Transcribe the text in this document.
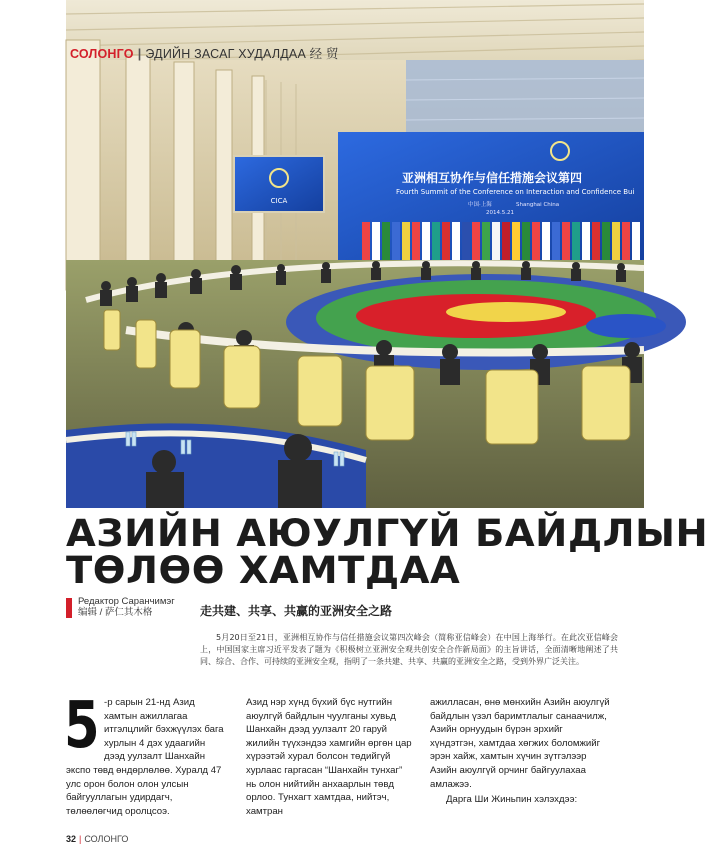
CICA
亚洲相互协作与信任措施会议第四
Fourth Summit of the Conference on Interaction and Confidence Bui
中国·上海	Shanghai China
2014.5.21
СОЛОНГО | ЭДИЙН ЗАСАГ ХУДАЛДАА 经 贸
АЗИЙН АЮУЛГҮЙ БАЙДЛЫН
ТӨЛӨӨ ХАМТДАА
Редактор Саранчимэг
编辑 / 萨仁其木格	走共建、共享、共赢的亚洲安全之路
5月20日至21日，亚洲相互协作与信任措施会议第四次峰会（简称亚信峰会）在中国上海举行。在此次亚信峰会上，中国国家主席习近平发表了题为《积极树立亚洲安全观共创安全合作新局面》的主旨讲话，全面清晰地阐述了共同、综合、合作、可持续的亚洲安全观，指明了一条共建、共享、共赢的亚洲安全之路，受到外界广泛关注。
5 -р сарын 21-нд Азид хамтын ажиллагаа итгэлцлийг бэхжүүлэх бага хурлын 4 дэх удаагийн дээд уулзалт Шанхайн экспо төвд өндөрлөлөө. Хуралд 47 улс орон болон олон улсын байгууллагын удирдагч, төлөөлөгчид оролцсоэ.

Азид нэр хүнд бүхий бүс нутгийн аюулгүй байдлын чуулганы хувьд Шанхайн дээд уулзалт 20 гаруй жилийн түүхэндээ хамгийн өргөн цар хүрээтэй хурал болсон төдийгүй хурлаас гаргасан “Шанхайн тунхаг” нь олон нийтийн анхаарлын төвд орлоо. Тунхагт хамтдаа, нийтэч, хамтран

ажилласан, өнө мөнхийн Азийн аюулгүй байдлын үзэл баримтлалыг санаачилж, Азийн орнуудын бүрэн эрхийг хүндэтгэн, хамтдаа хөгжих боломжийг эрэн хайж, хамтын хүчин зүтгэлээр Азийн аюулгүй орчинг байгуулахаа амлажээ.

Дарга Ши Жиньпин хэлэхдээ:
32 | СОЛОНГО
